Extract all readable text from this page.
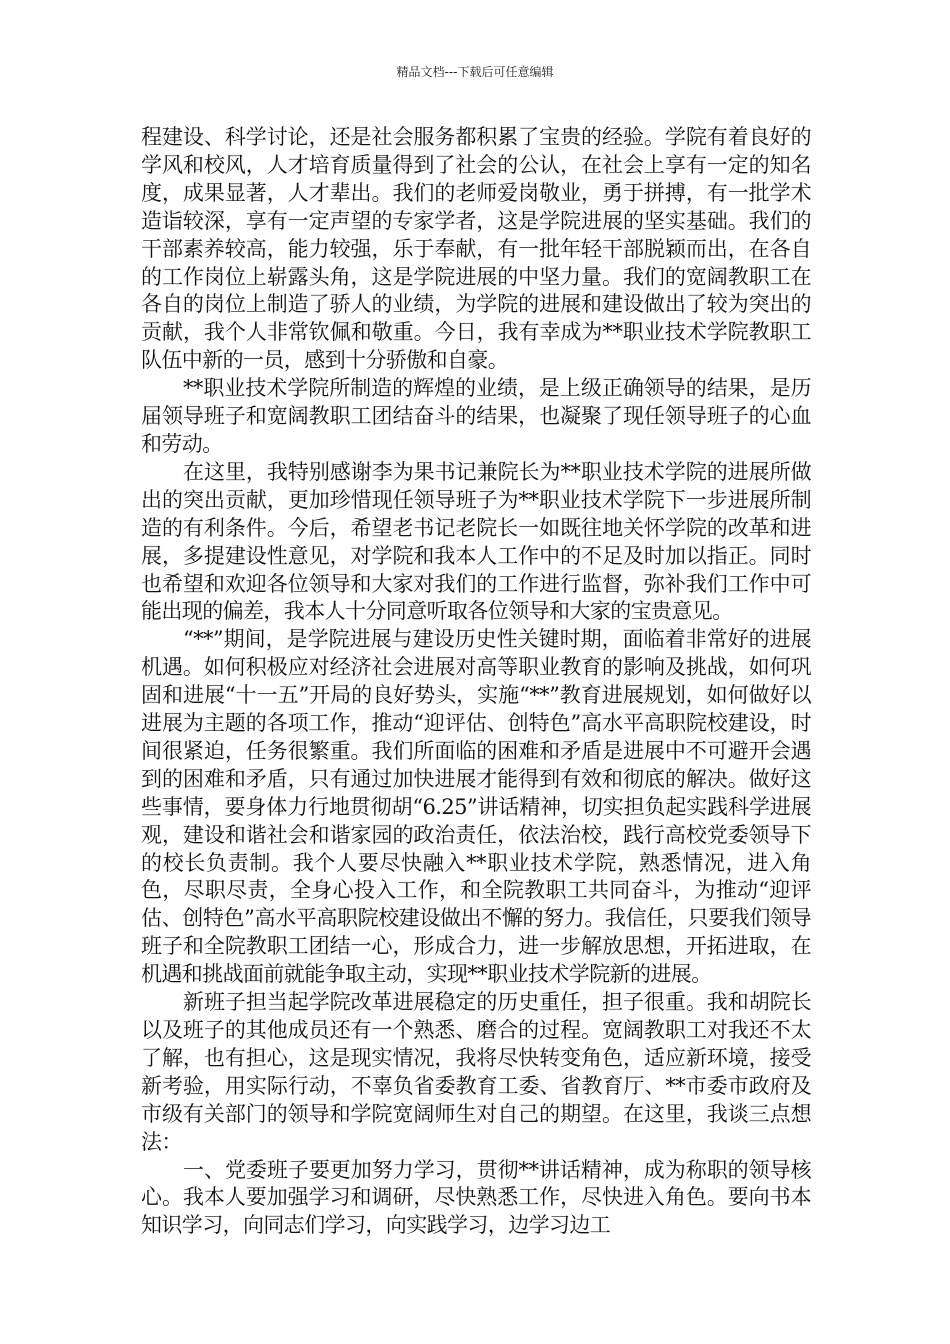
精品文档---下载后可任意编辑

程建设、科学讨论，还是社会服务都积累了宝贵的经验。学院有着良好的学风和校风，人才培育质量得到了社会的公认，在社会上享有一定的知名度，成果显著，人才辈出。我们的老师爱岗敬业，勇于拼搏，有一批学术造诣较深，享有一定声望的专家学者，这是学院进展的坚实基础。我们的干部素养较高，能力较强，乐于奉献，有一批年轻干部脱颖而出，在各自的工作岗位上崭露头角，这是学院进展的中坚力量。我们的宽阔教职工在各自的岗位上制造了骄人的业绩，为学院的进展和建设做出了较为突出的贡献，我个人非常钦佩和敬重。今日，我有幸成为**职业技术学院教职工队伍中新的一员，感到十分骄傲和自豪。

**职业技术学院所制造的辉煌的业绩，是上级正确领导的结果，是历届领导班子和宽阔教职工团结奋斗的结果，也凝聚了现任领导班子的心血和劳动。

在这里，我特别感谢李为果书记兼院长为**职业技术学院的进展所做出的突出贡献，更加珍惜现任领导班子为**职业技术学院下一步进展所制造的有利条件。今后，希望老书记老院长一如既往地关怀学院的改革和进展，多提建设性意见，对学院和我本人工作中的不足及时加以指正。同时也希望和欢迎各位领导和大家对我们的工作进行监督，弥补我们工作中可能出现的偏差，我本人十分同意听取各位领导和大家的宝贵意见。

“**”期间，是学院进展与建设历史性关键时期，面临着非常好的进展机遇。如何积极应对经济社会进展对高等职业教育的影响及挑战，如何巩固和进展“十一五”开局的良好势头，实施“**”教育进展规划，如何做好以进展为主题的各项工作，推动“迎评估、创特色”高水平高职院校建设，时间很紧迫，任务很繁重。我们所面临的困难和矛盾是进展中不可避开会遇到的困难和矛盾，只有通过加快进展才能得到有效和彻底的解决。做好这些事情，要身体力行地贯彻胡“6.25”讲话精神，切实担负起实践科学进展观，建设和谐社会和谐家园的政治责任，依法治校，践行高校党委领导下的校长负责制。我个人要尽快融入**职业技术学院，熟悉情况，进入角色，尽职尽责，全身心投入工作，和全院教职工共同奋斗，为推动“迎评估、创特色”高水平高职院校建设做出不懈的努力。我信任，只要我们领导班子和全院教职工团结一心，形成合力，进一步解放思想，开拓进取，在机遇和挑战面前就能争取主动，实现**职业技术学院新的进展。

新班子担当起学院改革进展稳定的历史重任，担子很重。我和胡院长以及班子的其他成员还有一个熟悉、磨合的过程。宽阔教职工对我还不太了解，也有担心，这是现实情况，我将尽快转变角色，适应新环境，接受新考验，用实际行动，不辜负省委教育工委、省教育厅、**市委市政府及市级有关部门的领导和学院宽阔师生对自己的期望。在这里，我谈三点想法：

一、党委班子要更加努力学习，贯彻**讲话精神，成为称职的领导核心。我本人要加强学习和调研，尽快熟悉工作，尽快进入角色。要向书本知识学习，向同志们学习，向实践学习，边学习边工
